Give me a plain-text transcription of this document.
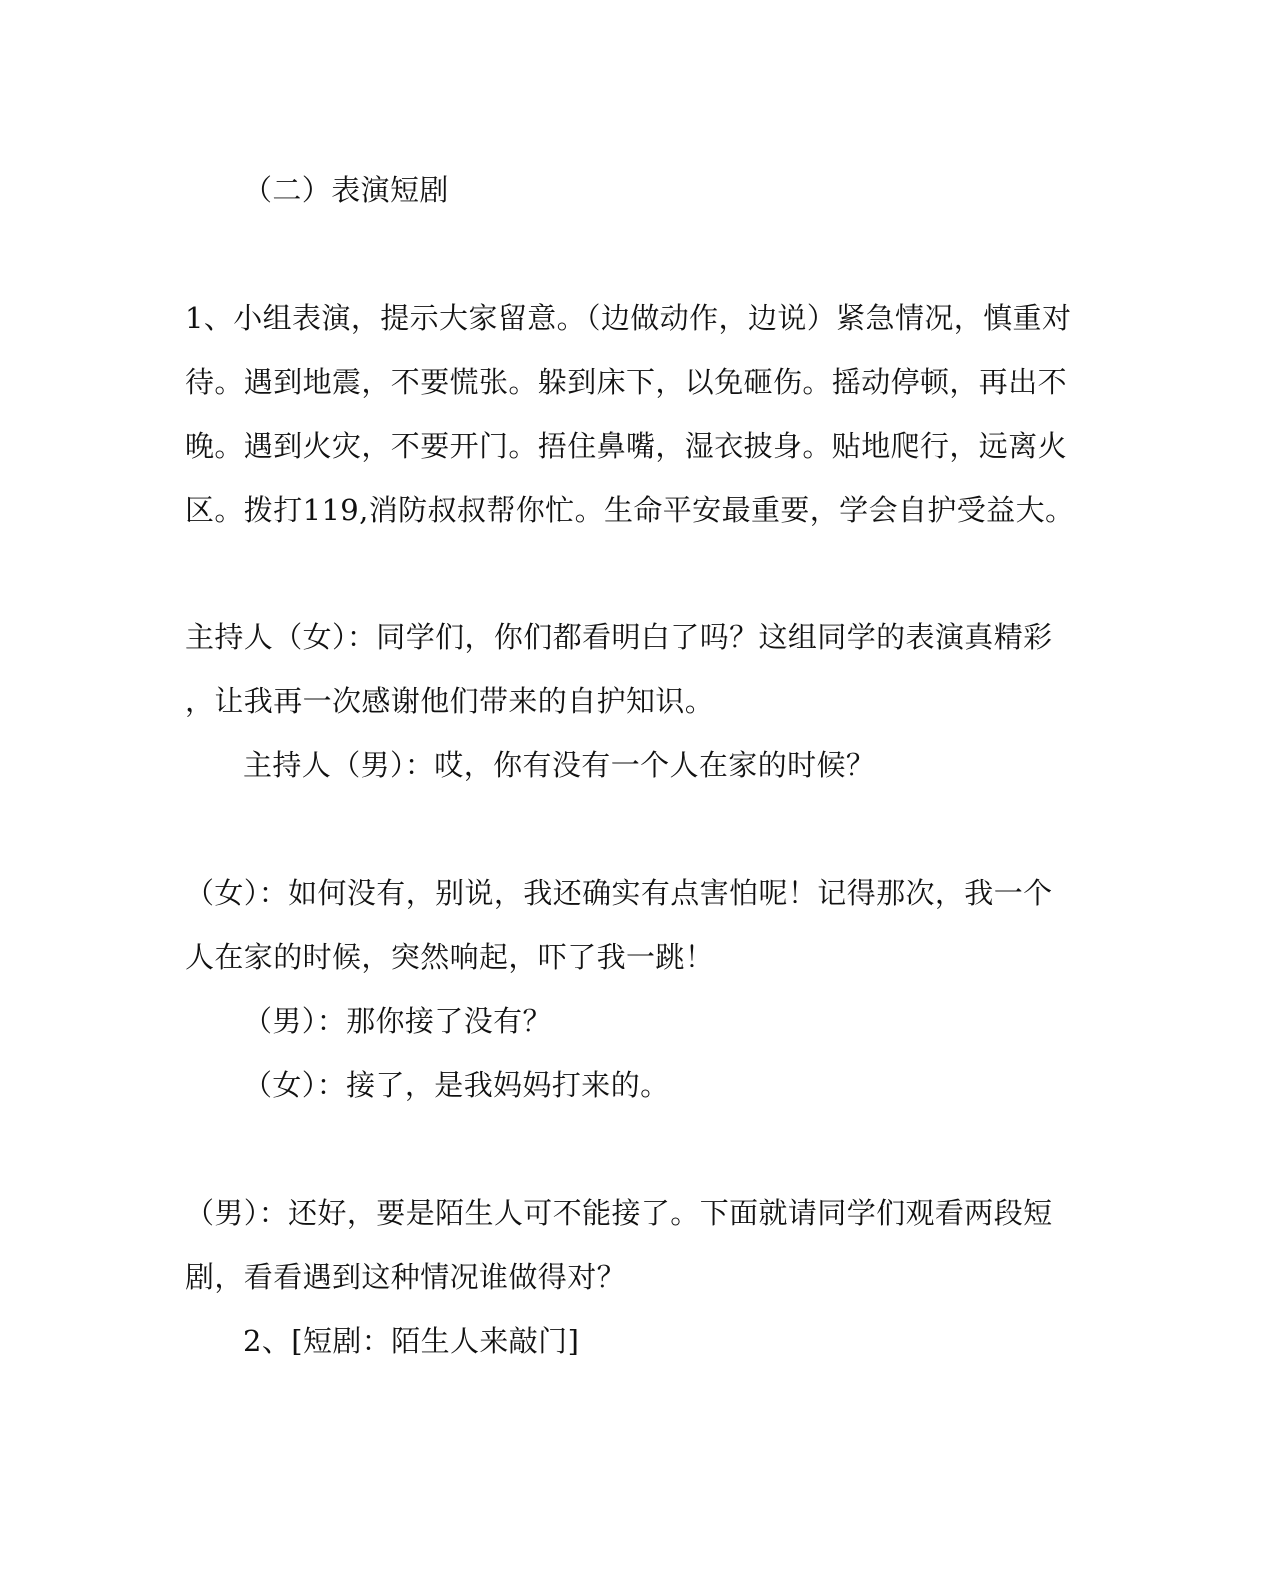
（二）表演短剧
1、小组表演，提示大家留意。（边做动作，边说）紧急情况，慎重对
待。遇到地震，不要慌张。躲到床下，以免砸伤。摇动停顿，再出不
晚。遇到火灾，不要开门。捂住鼻嘴，湿衣披身。贴地爬行，远离火
区。拨打119,消防叔叔帮你忙。生命平安最重要，学会自护受益大。
主持人（女）：同学们，你们都看明白了吗？这组同学的表演真精彩
，让我再一次感谢他们带来的自护知识。
主持人（男）：哎，你有没有一个人在家的时候？
（女）：如何没有，别说，我还确实有点害怕呢！记得那次，我一个
人在家的时候，突然响起，吓了我一跳！
（男）：那你接了没有？
（女）：接了，是我妈妈打来的。
（男）：还好，要是陌生人可不能接了。下面就请同学们观看两段短
剧，看看遇到这种情况谁做得对？
2、[短剧：陌生人来敲门]
